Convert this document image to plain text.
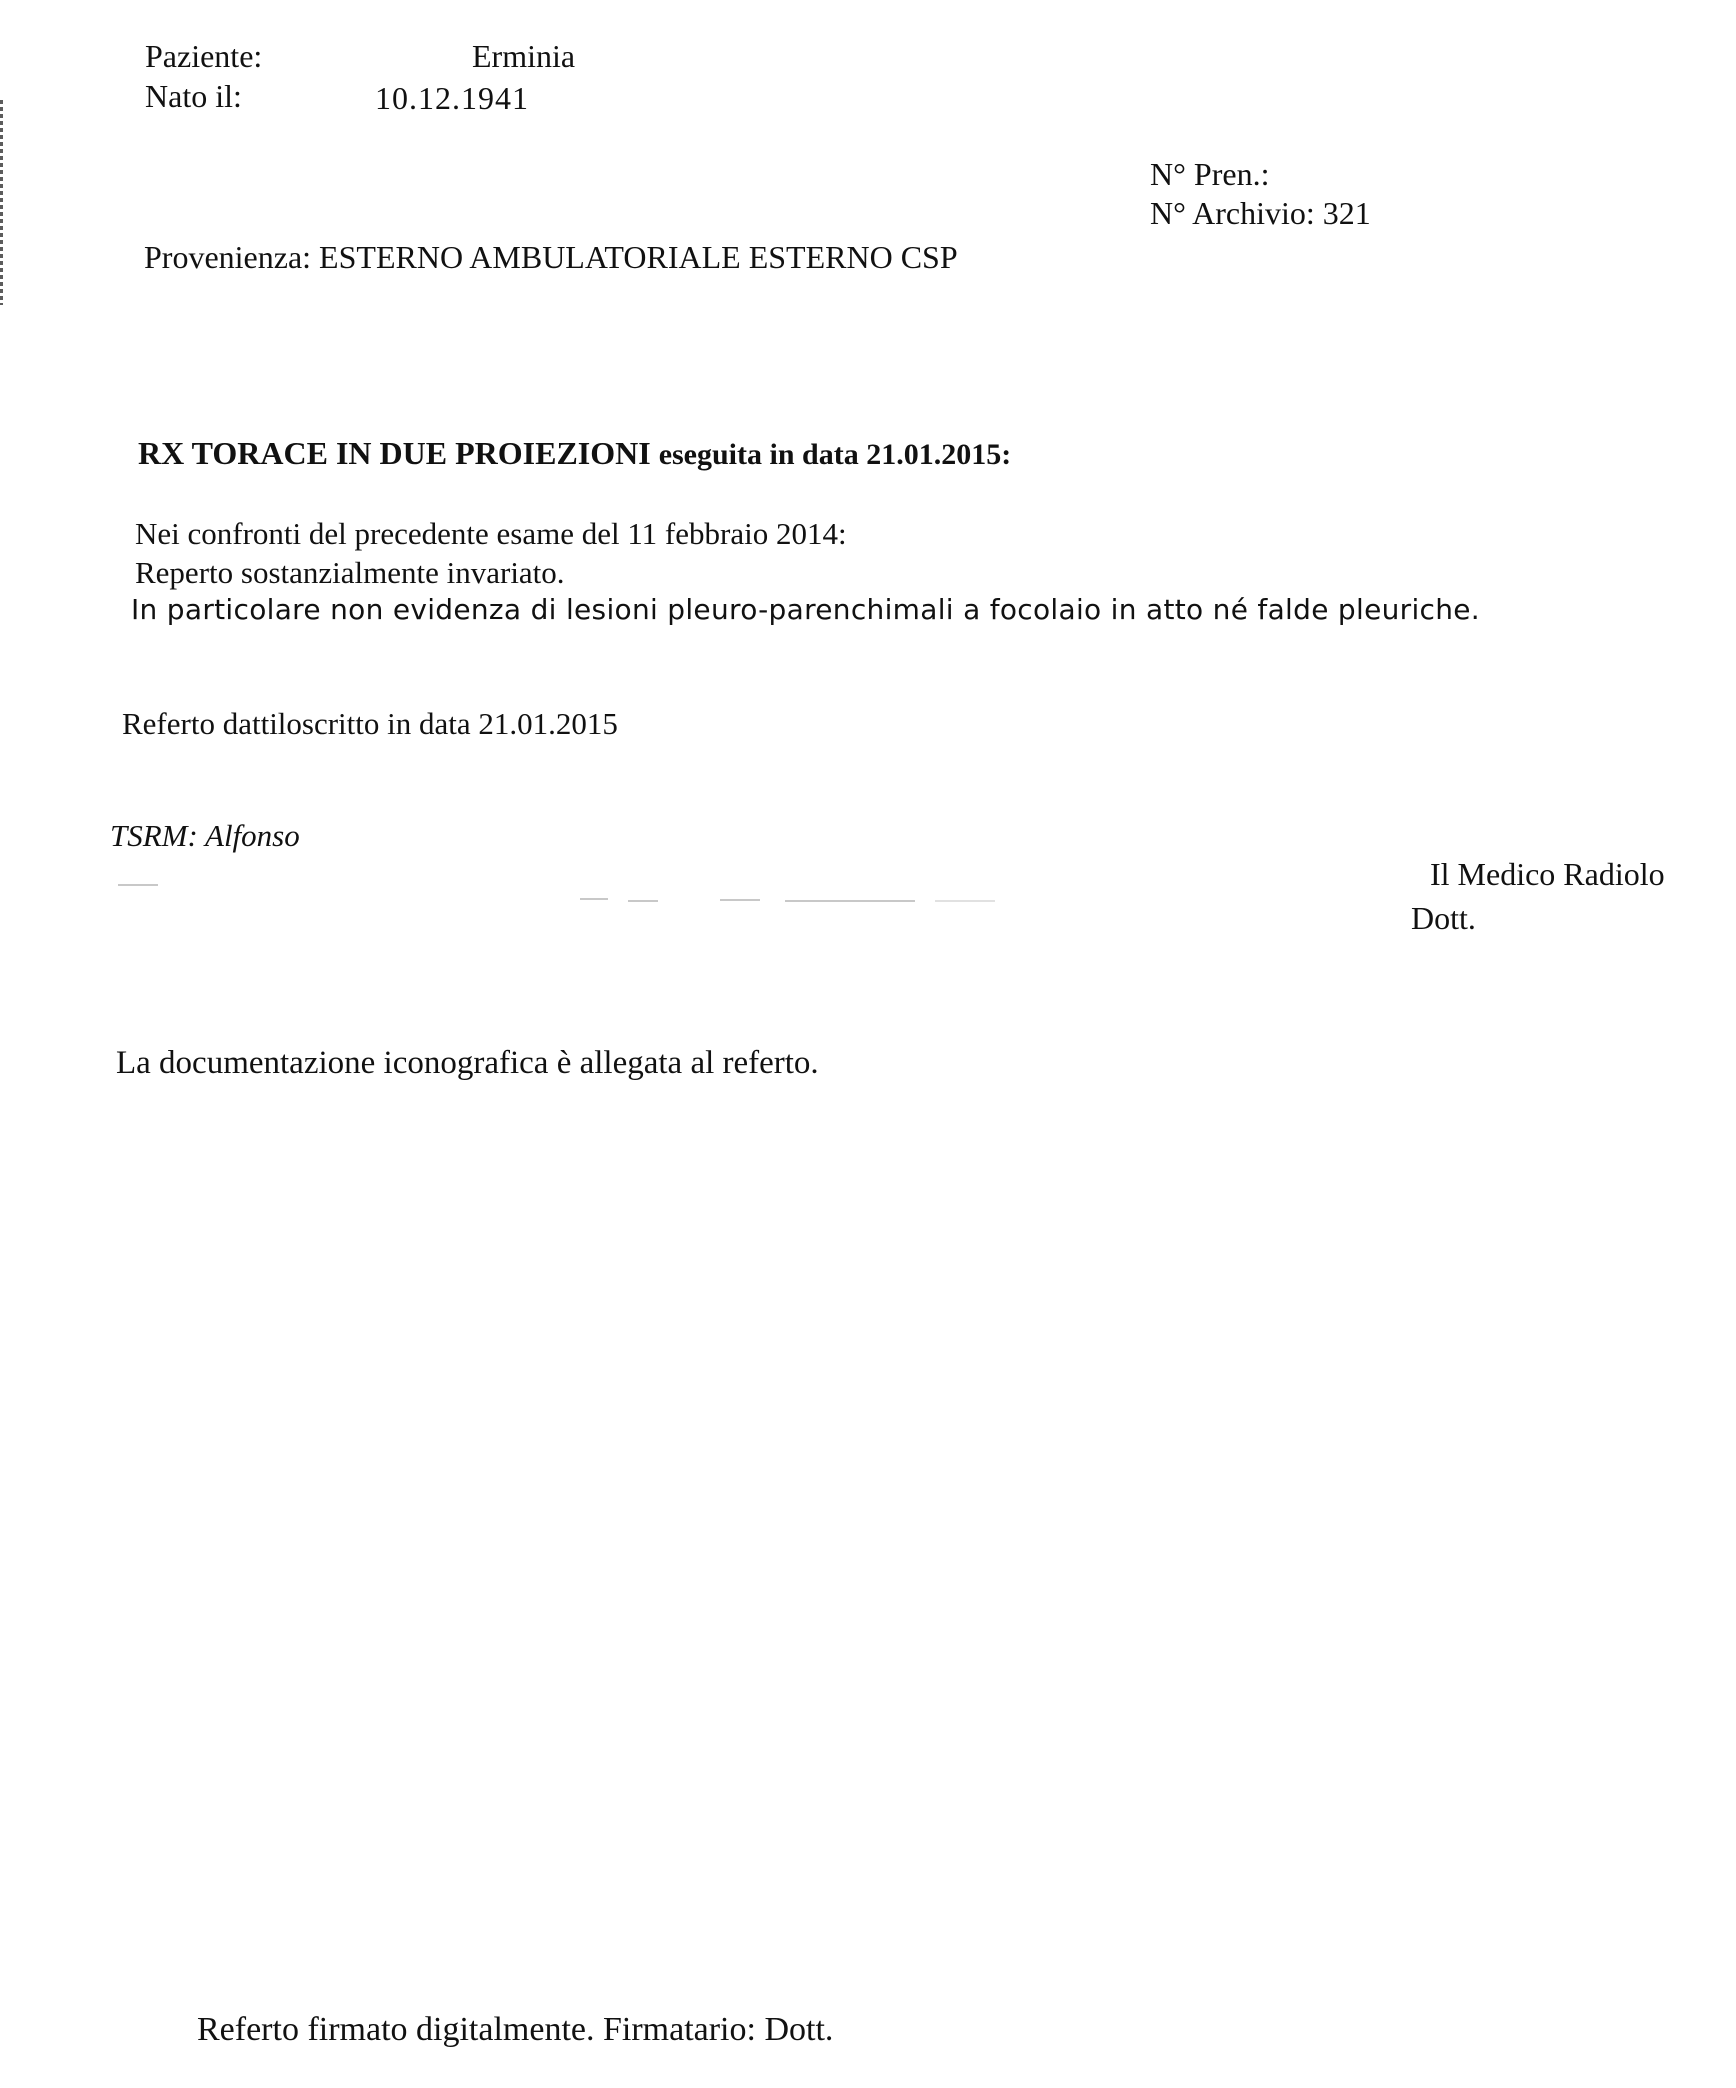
Paziente:	Erminia
Nato il:	10.12.1941
N° Pren.:
N° Archivio: 321
Provenienza: ESTERNO AMBULATORIALE ESTERNO CSP
RX TORACE IN DUE PROIEZIONI eseguita in data 21.01.2015:
Nei confronti del precedente esame del 11 febbraio 2014:
Reperto sostanzialmente invariato.
In particolare non evidenza di lesioni pleuro-parenchimali a focolaio in atto né falde pleuriche.
Referto dattiloscritto in data 21.01.2015
TSRM: Alfonso
Il Medico Radiolo
Dott.
La documentazione iconografica è allegata al referto.
Referto firmato digitalmente. Firmatario: Dott.
